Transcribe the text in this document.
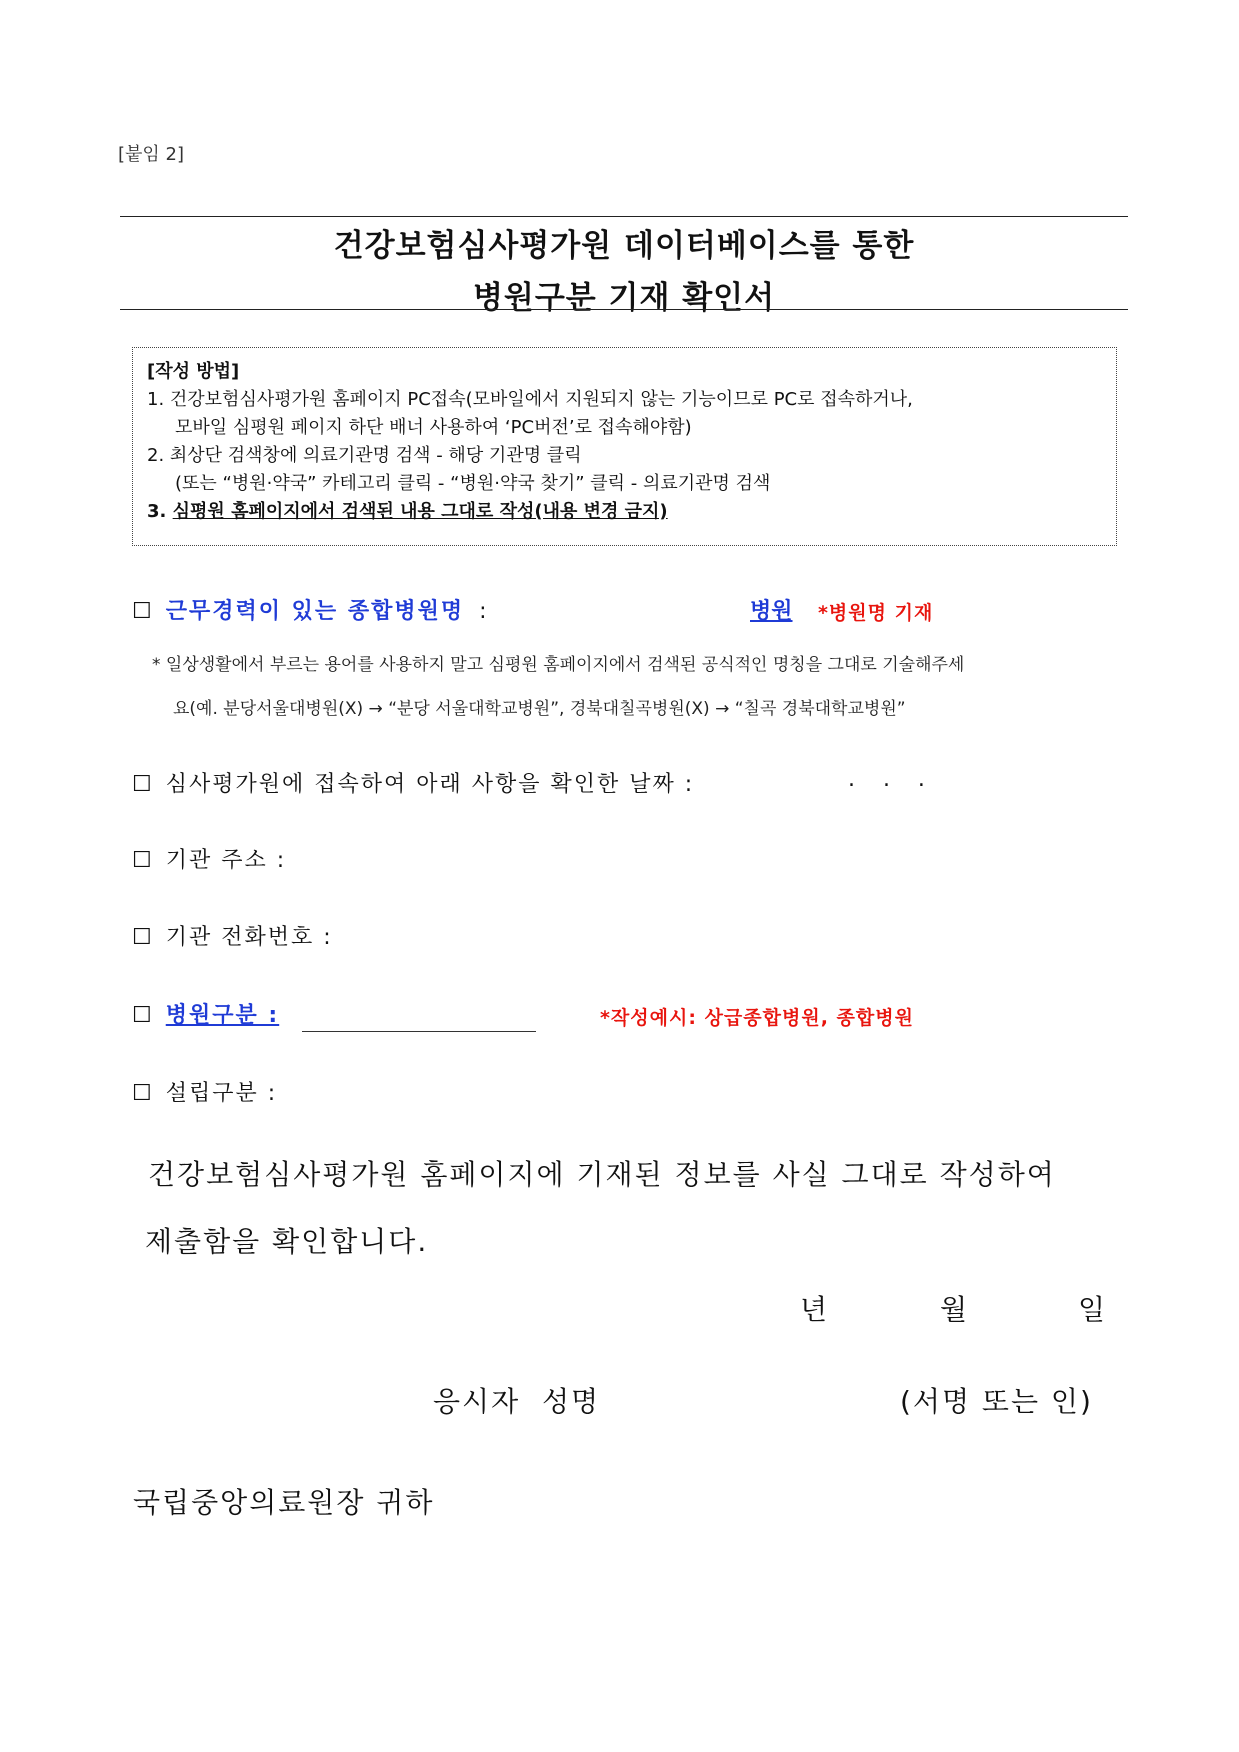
[붙임 2]
건강보험심사평가원 데이터베이스를 통한
병원구분 기재 확인서
[작성 방법]
1. 건강보험심사평가원 홈페이지 PC접속(모바일에서 지원되지 않는 기능이므로 PC로 접속하거나,
모바일 심평원 페이지 하단 배너 사용하여 ‘PC버전’로 접속해야함)
2. 최상단 검색창에 의료기관명 검색 - 해당 기관명 클릭
(또는 “병원·약국” 카테고리 클릭 - “병원·약국 찾기” 클릭 - 의료기관명 검색
3. 심평원 홈페이지에서 검색된 내용 그대로 작성(내용 변경 금지)
☐ 근무경력이 있는 종합병원명 :	병원 *병원명 기재
* 일상생활에서 부르는 용어를 사용하지 말고 심평원 홈페이지에서 검색된 공식적인 명칭을 그대로 기술해주세
요(예. 분당서울대병원(X) → “분당 서울대학교병원”, 경북대칠곡병원(X) → “칠곡 경북대학교병원”
☐ 심사평가원에 접속하여 아래 사항을 확인한 날짜 :	.    .    .
☐ 기관 주소 :
☐ 기관 전화번호 :
☐ 병원구분 :	*작성예시: 상급종합병원, 종합병원
☐ 설립구분 :
건강보험심사평가원 홈페이지에 기재된 정보를 사실 그대로 작성하여
제출함을 확인합니다.
년	월	일
응시자  성명	(서명 또는 인)
국립중앙의료원장 귀하
